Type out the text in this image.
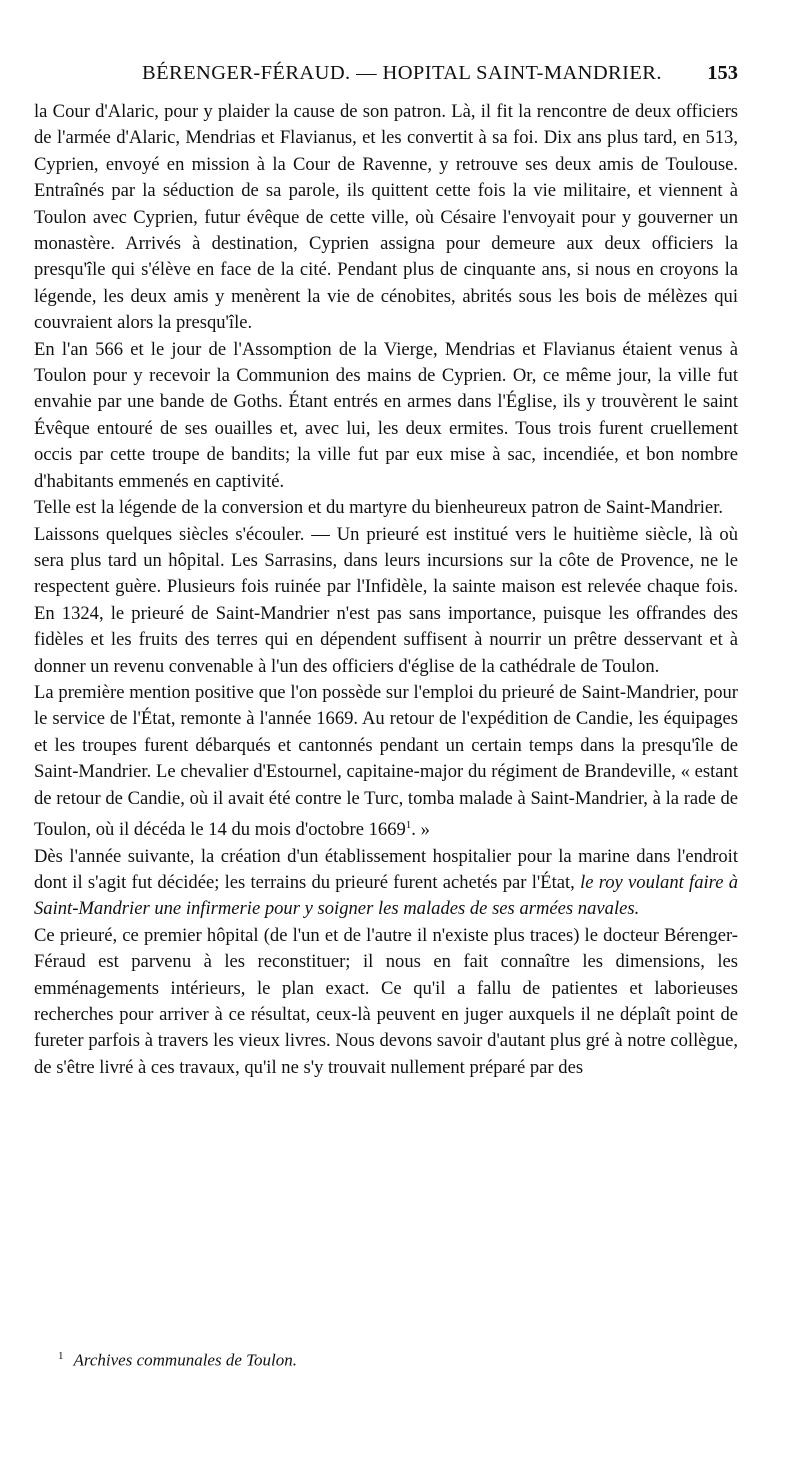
BÉRENGER-FÉRAUD. — HOPITAL SAINT-MANDRIER. 153

la Cour d'Alaric, pour y plaider la cause de son patron. Là, il fit la rencontre de deux officiers de l'armée d'Alaric, Mendrias et Flavianus, et les convertit à sa foi. Dix ans plus tard, en 513, Cyprien, envoyé en mission à la Cour de Ravenne, y retrouve ses deux amis de Toulouse. Entraînés par la séduction de sa parole, ils quittent cette fois la vie militaire, et viennent à Toulon avec Cyprien, futur évêque de cette ville, où Césaire l'envoyait pour y gouverner un monastère. Arrivés à destination, Cyprien assigna pour demeure aux deux officiers la presqu'île qui s'élève en face de la cité. Pendant plus de cinquante ans, si nous en croyons la légende, les deux amis y menèrent la vie de cénobites, abrités sous les bois de mélèzes qui couvraient alors la presqu'île.

En l'an 566 et le jour de l'Assomption de la Vierge, Mendrias et Flavianus étaient venus à Toulon pour y recevoir la Communion des mains de Cyprien. Or, ce même jour, la ville fut envahie par une bande de Goths. Étant entrés en armes dans l'Église, ils y trouvèrent le saint Évêque entouré de ses ouailles et, avec lui, les deux ermites. Tous trois furent cruellement occis par cette troupe de bandits; la ville fut par eux mise à sac, incendiée, et bon nombre d'habitants emmenés en captivité.

Telle est la légende de la conversion et du martyre du bienheureux patron de Saint-Mandrier.

Laissons quelques siècles s'écouler. — Un prieuré est institué vers le huitième siècle, là où sera plus tard un hôpital. Les Sarrasins, dans leurs incursions sur la côte de Provence, ne le respectent guère. Plusieurs fois ruinée par l'Infidèle, la sainte maison est relevée chaque fois. En 1324, le prieuré de Saint-Mandrier n'est pas sans importance, puisque les offrandes des fidèles et les fruits des terres qui en dépendent suffisent à nourrir un prêtre desservant et à donner un revenu convenable à l'un des officiers d'église de la cathédrale de Toulon.

La première mention positive que l'on possède sur l'emploi du prieuré de Saint-Mandrier, pour le service de l'État, remonte à l'année 1669. Au retour de l'expédition de Candie, les équipages et les troupes furent débarqués et cantonnés pendant un certain temps dans la presqu'île de Saint-Mandrier. Le chevalier d'Estournel, capitaine-major du régiment de Brandeville, « estant de retour de Candie, où il avait été contre le Turc, tomba malade à Saint-Mandrier, à la rade de Toulon, où il décéda le 14 du mois d'octobre 1669$^1$. »

Dès l'année suivante, la création d'un établissement hospitalier pour la marine dans l'endroit dont il s'agit fut décidée; les terrains du prieuré furent achetés par l'État, le roy voulant faire à Saint-Mandrier une infirmerie pour y soigner les malades de ses armées navales.

Ce prieuré, ce premier hôpital (de l'un et de l'autre il n'existe plus traces) le docteur Bérenger-Féraud est parvenu à les reconstituer; il nous en fait connaître les dimensions, les emménagements intérieurs, le plan exact. Ce qu'il a fallu de patientes et laborieuses recherches pour arriver à ce résultat, ceux-là peuvent en juger auxquels il ne déplaît point de fureter parfois à travers les vieux livres. Nous devons savoir d'autant plus gré à notre collègue, de s'être livré à ces travaux, qu'il ne s'y trouvait nullement préparé par des

$^1$ Archives communales de Toulon.
